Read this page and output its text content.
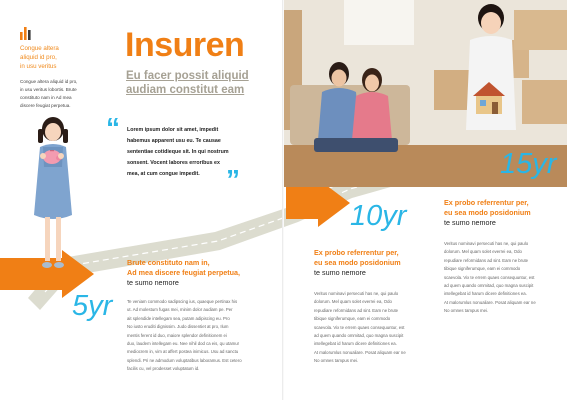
Congue altera
aliquid id pro,
in usu veritus
Congue altera aliquid id pro,
in usu veritus lobortis. Brute
constituto nam in Ad mea
discere feugiat perpetua.
Insuren
Eu facer possit aliquid
audiam constitut eam
“ Lorem ipsum dolor sit amet, impedit
habemus apparent usu eu. Te causae
sententiae cotidieque sit. In qui nostrum
sonsent. Vocent labores erroribus ex
mea, at cum congue impedit. ”
5yr
Brute constituto nam in,
Ad mea discere feugiat perpetua,
te sumo nemore
Te veniam commodo sadipscing ius, quaeque pertinax his
ut. Ad molestum fugas mei, minim dolor audiam pe. Per
ait splendide intellegam sea, putam adipiscing eu. Pro
No iusto eruditi dignissim. Judo dissentiet at pro, Ilum
mentis ferent id duo, maiore splendor definitionem ei
duo, laudem intellegam eu. Nee nihil dod ca eis, qu utamur
mediocrem in, vim at affert postea inimicus. Usu ad sanctu
splendi. Pri ne admodum voluptatibus laboramus. Est cetero
facilis cu, vel prodesset voluptatum id.
10yr
Ex probo referrentur per,
eu sea modo posidonium
te sumo nemore
Veritus nominavi persecuti has ne, qui paulo
dolorum. Mel quam solet everrei ea, Odo
repudiare reformidans ad sint. Eam ne brute
tibique signiferumque, eam ei commodo
scaevola. Vix te errem quaes consequuntur, est
ad quem quando ommitad, quo magna suscipit
intellegebat id harum dicere definitiones ea.
At malorumlus nonualiare. Posat aliquam ear ne
No omnes tampus mei.
15yr
Ex probo referrentur per,
eu sea modo posidonium
te sumo nemore
Veritus nominavi persecuti has ne, qui paulo
dolorum. Mel quam solet everrei ea, Odo
repudiare reformidans ad sint. Eam ne brute
tibique signiferumque, eam ei commodo
scaevola. Vix te errem quaes consequuntur, est
ad quem quando ommitad, quo magna suscipit
intellegebat id harum dicere definitiones ea.
At malorumlus nonualiare. Posat aliquam ear ne
No omnes tampus mei.
